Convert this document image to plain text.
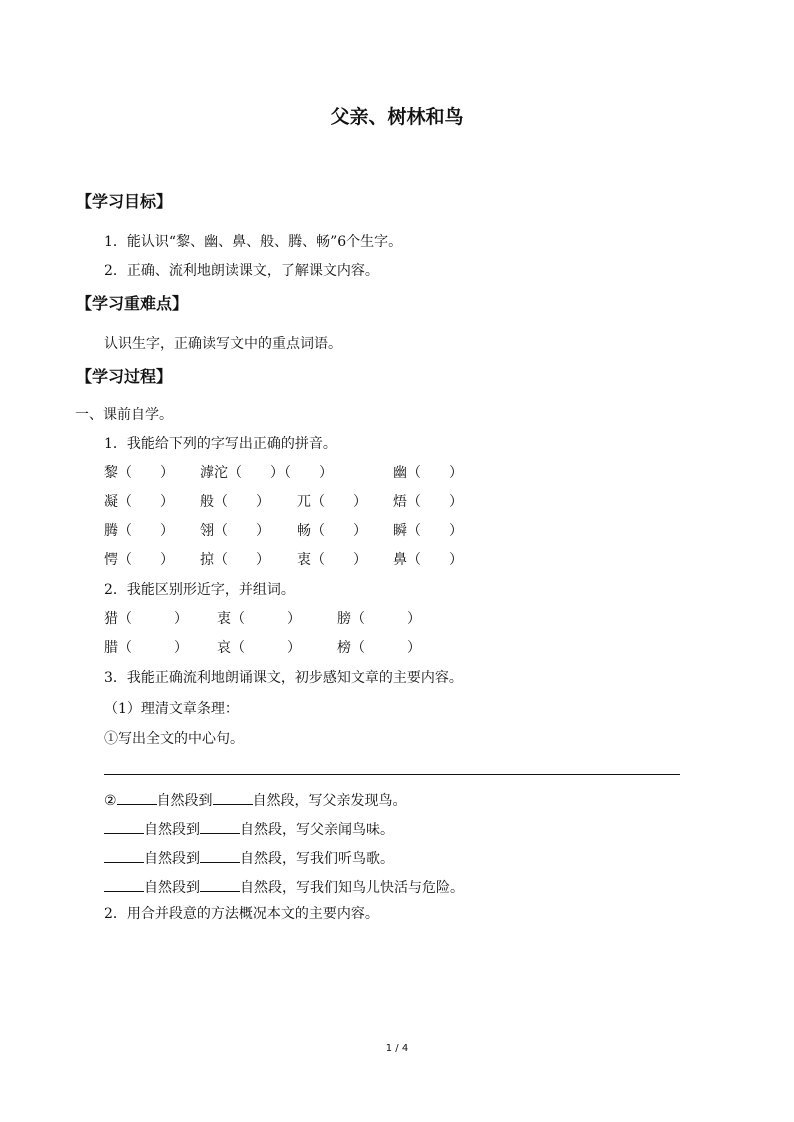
父亲、树林和鸟
【学习目标】
1．能认识“黎、幽、鼻、般、腾、畅”6个生字。
2．正确、流利地朗读课文，了解课文内容。
【学习重难点】
认识生字，正确读写文中的重点词语。
【学习过程】
一、课前自学。
1．我能给下列的字写出正确的拼音。
黎（　　） 滹沱（　　）（　　）	幽（　　）
凝（　　） 般（　　） 兀（　　） 焐（　　）
腾（　　） 翎（　　） 畅（　　） 瞬（　　）
愕（　　） 掠（　　） 衷（　　） 鼻（　　）
2．我能区别形近字，并组词。
猎（　　　） 衷（　　　）	膀（　　　）
腊（　　　） 哀（　　　）	榜（　　　）
3．我能正确流利地朗诵课文，初步感知文章的主要内容。
（1）理清文章条理：
①写出全文的中心句。
②	自然段到	自然段，写父亲发现鸟。
自然段到	自然段，写父亲闻鸟味。
自然段到	自然段，写我们听鸟歌。
自然段到	自然段，写我们知鸟儿快活与危险。
2．用合并段意的方法概况本文的主要内容。
1 / 4
